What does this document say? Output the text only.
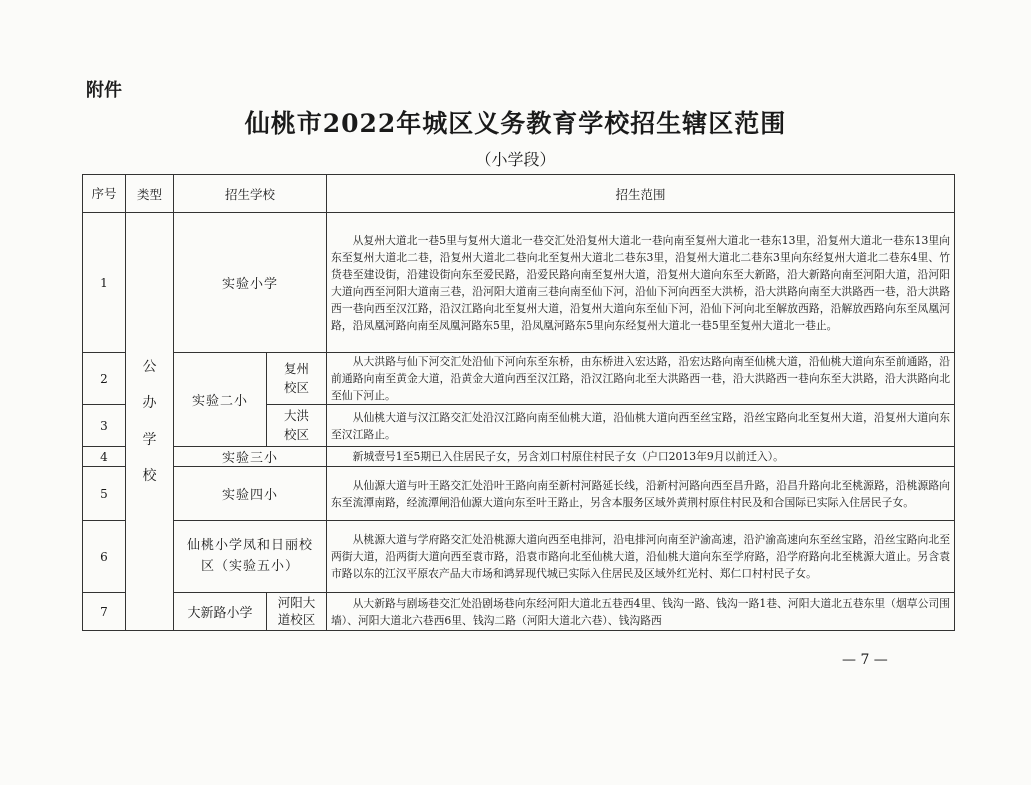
附件
仙桃市2022年城区义务教育学校招生辖区范围
（小学段）
序号	类型	招生学校		招生范围
1	公办学校	实验小学		从复州大道北一巷5里与复州大道北一巷交汇处沿复州大道北一巷向南至复州大道北一巷东13里，沿复州大道北一巷东13里向东至复州大道北二巷，沿复州大道北二巷向北至复州大道北二巷东3里，沿复州大道北二巷东3里向东经复州大道北二巷东4里、竹货巷至建设街，沿建设街向东至爱民路，沿爱民路向南至复州大道，沿复州大道向东至大新路，沿大新路向南至河阳大道，沿河阳大道向西至河阳大道南三巷，沿河阳大道南三巷向南至仙下河，沿仙下河向西至大洪桥，沿大洪路向南至大洪路西一巷，沿大洪路西一巷向西至汉江路，沿汉江路向北至复州大道，沿复州大道向东至仙下河，沿仙下河向北至解放西路，沿解放西路向东至凤凰河路，沿凤凰河路向南至凤凰河路东5里，沿凤凰河路东5里向东经复州大道北一巷5里至复州大道北一巷止。
2		实验二小	复州校区	从大洪路与仙下河交汇处沿仙下河向东至东桥，由东桥进入宏达路，沿宏达路向南至仙桃大道，沿仙桃大道向东至前通路，沿前通路向南至黄金大道，沿黄金大道向西至汉江路，沿汉江路向北至大洪路西一巷，沿大洪路西一巷向东至大洪路，沿大洪路向北至仙下河止。
3			大洪校区	从仙桃大道与汉江路交汇处沿汉江路向南至仙桃大道，沿仙桃大道向西至丝宝路，沿丝宝路向北至复州大道，沿复州大道向东至汉江路止。
4		实验三小		新城壹号1至5期已入住居民子女，另含刘口村原住村民子女（户口2013年9月以前迁入）。
5		实验四小		从仙源大道与叶王路交汇处沿叶王路向南至新村河路延长线，沿新村河路向西至昌升路，沿昌升路向北至桃源路，沿桃源路向东至流潭南路，经流潭闸沿仙源大道向东至叶王路止，另含本服务区域外黄荆村原住村民及和合国际已实际入住居民子女。
6		仙桃小学凤和日丽校区（实验五小）		从桃源大道与学府路交汇处沿桃源大道向西至电排河，沿电排河向南至沪渝高速，沿沪渝高速向东至丝宝路，沿丝宝路向北至两街大道，沿两街大道向西至袁市路，沿袁市路向北至仙桃大道，沿仙桃大道向东至学府路，沿学府路向北至桃源大道止。另含袁市路以东的江汉平原农产品大市场和鸿昇现代城已实际入住居民及区域外红光村、郑仁口村村民子女。
7		大新路小学	河阳大道校区	从大新路与剧场巷交汇处沿剧场巷向东经河阳大道北五巷西4里、钱沟一路、钱沟一路1巷、河阳大道北五巷东里（烟草公司围墙）、河阳大道北六巷西6里、钱沟二路（河阳大道北六巷）、钱沟路西
— 7 —
